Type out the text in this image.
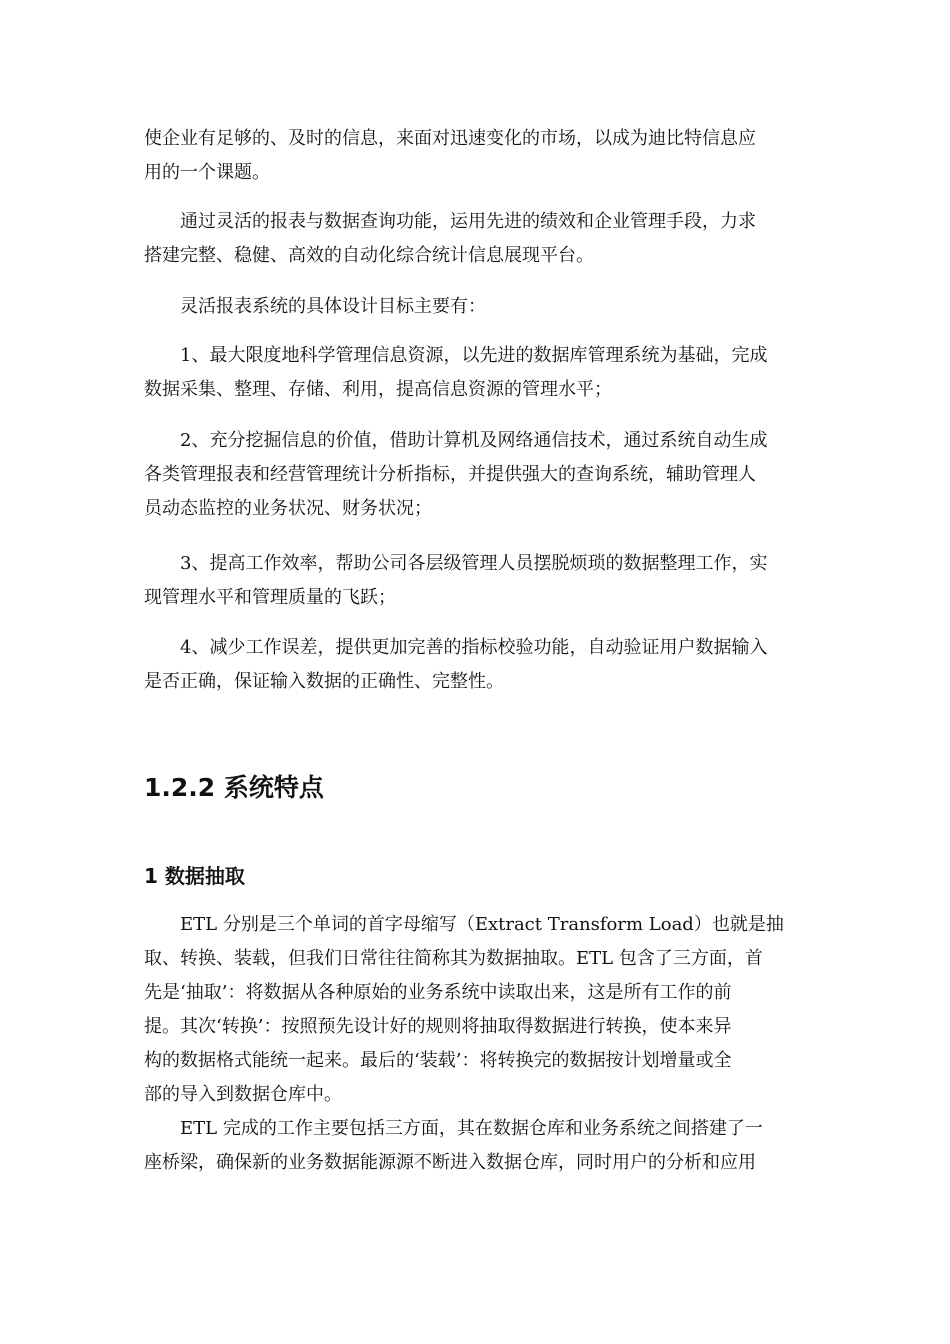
使企业有足够的、及时的信息，来面对迅速变化的市场，以成为迪比特信息应
用的一个课题。

　　通过灵活的报表与数据查询功能，运用先进的绩效和企业管理手段，力求
搭建完整、稳健、高效的自动化综合统计信息展现平台。

　　灵活报表系统的具体设计目标主要有：

　　1、最大限度地科学管理信息资源，以先进的数据库管理系统为基础，完成
数据采集、整理、存储、利用，提高信息资源的管理水平；

　　2、充分挖掘信息的价值，借助计算机及网络通信技术，通过系统自动生成
各类管理报表和经营管理统计分析指标，并提供强大的查询系统，辅助管理人
员动态监控的业务状况、财务状况；

　　3、提高工作效率，帮助公司各层级管理人员摆脱烦琐的数据整理工作，实
现管理水平和管理质量的飞跃；

　　4、减少工作误差，提供更加完善的指标校验功能，自动验证用户数据输入
是否正确，保证输入数据的正确性、完整性。

1.2.2 系统特点
1 数据抽取

　　ETL 分别是三个单词的首字母缩写（Extract Transform Load）也就是抽
取、转换、装载，但我们日常往往简称其为数据抽取。ETL 包含了三方面，首
先是‘抽取’：将数据从各种原始的业务系统中读取出来，这是所有工作的前
提。其次‘转换’：按照预先设计好的规则将抽取得数据进行转换，使本来异
构的数据格式能统一起来。最后的‘装载’：将转换完的数据按计划增量或全
部的导入到数据仓库中。

　　ETL 完成的工作主要包括三方面，其在数据仓库和业务系统之间搭建了一
座桥梁，确保新的业务数据能源源不断进入数据仓库，同时用户的分析和应用
